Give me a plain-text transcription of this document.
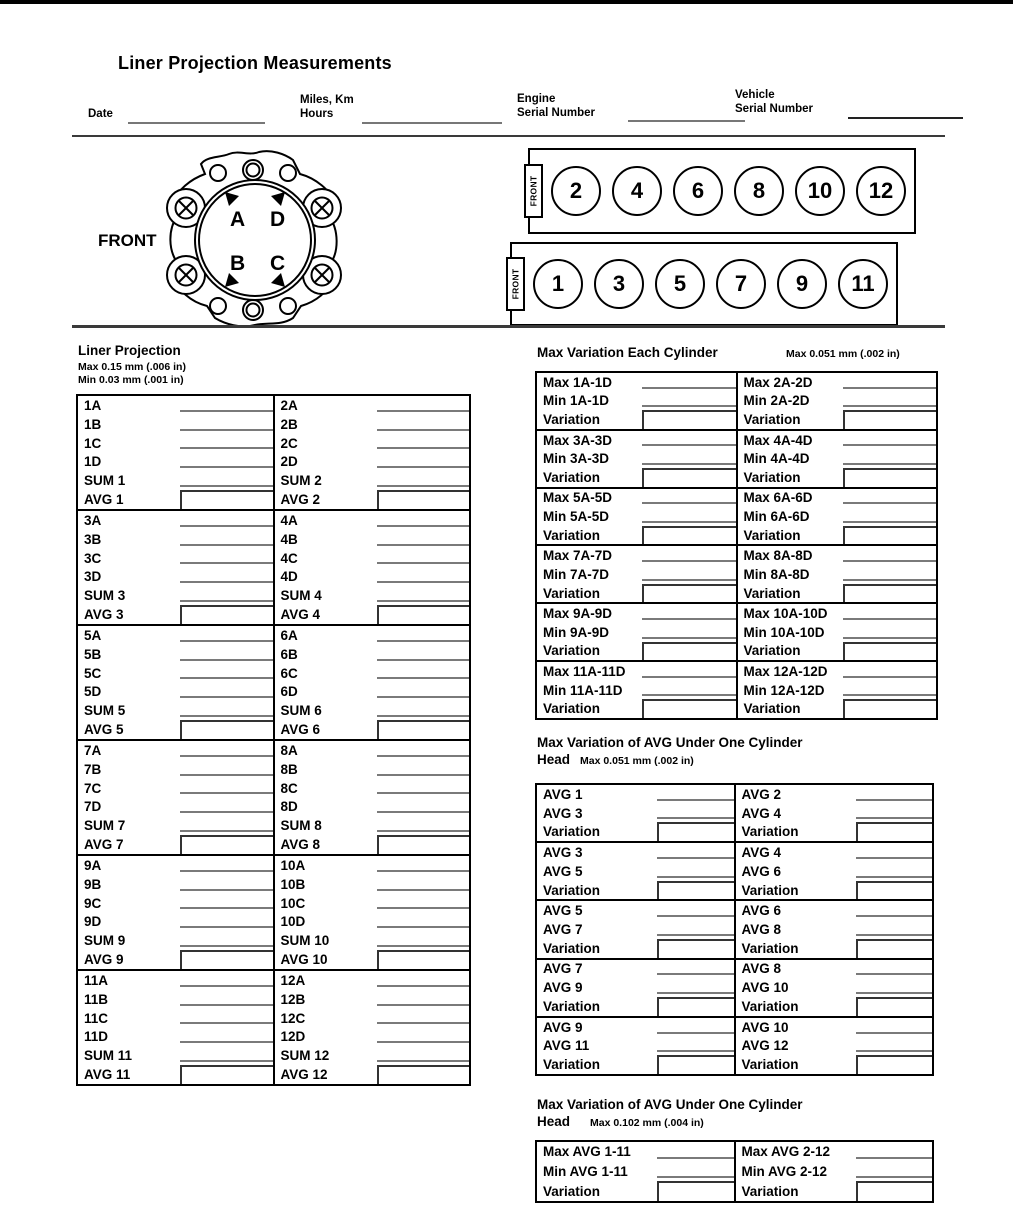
Liner Projection Measurements
Date
Miles, Km
Hours
Engine
Serial Number
Vehicle
Serial Number
A D
B C
FRONT
FRONT 2 4 6 8 10 12
FRONT 1 3 5 7 9 11
Liner Projection
Max 0.15 mm (.006 in)
Min 0.03 mm (.001 in)
1A
1B
1C
1D
SUM 1
AVG 1
2A
2B
2C
2D
SUM 2
AVG 2
3A
3B
3C
3D
SUM 3
AVG 3
4A
4B
4C
4D
SUM 4
AVG 4
5A
5B
5C
5D
SUM 5
AVG 5
6A
6B
6C
6D
SUM 6
AVG 6
7A
7B
7C
7D
SUM 7
AVG 7
8A
8B
8C
8D
SUM 8
AVG 8
9A
9B
9C
9D
SUM 9
AVG 9
10A
10B
10C
10D
SUM 10
AVG 10
11A
11B
11C
11D
SUM 11
AVG 11
12A
12B
12C
12D
SUM 12
AVG 12
Max Variation Each Cylinder	Max 0.051 mm (.002 in)
Max 1A-1D
Min 1A-1D
Variation
Max 2A-2D
Min 2A-2D
Variation
Max 3A-3D
Min 3A-3D
Variation
Max 4A-4D
Min 4A-4D
Variation
Max 5A-5D
Min 5A-5D
Variation
Max 6A-6D
Min 6A-6D
Variation
Max 7A-7D
Min 7A-7D
Variation
Max 8A-8D
Min 8A-8D
Variation
Max 9A-9D
Min 9A-9D
Variation
Max 10A-10D
Min 10A-10D
Variation
Max 11A-11D
Min 11A-11D
Variation
Max 12A-12D
Min 12A-12D
Variation
Max Variation of AVG Under One Cylinder
Head Max 0.051 mm (.002 in)
AVG 1
AVG 3
Variation
AVG 2
AVG 4
Variation
AVG 3
AVG 5
Variation
AVG 4
AVG 6
Variation
AVG 5
AVG 7
Variation
AVG 6
AVG 8
Variation
AVG 7
AVG 9
Variation
AVG 8
AVG 10
Variation
AVG 9
AVG 11
Variation
AVG 10
AVG 12
Variation
Max Variation of AVG Under One Cylinder
Head Max 0.102 mm (.004 in)
Max AVG 1-11
Min AVG 1-11
Variation
Max AVG 2-12
Min AVG 2-12
Variation
